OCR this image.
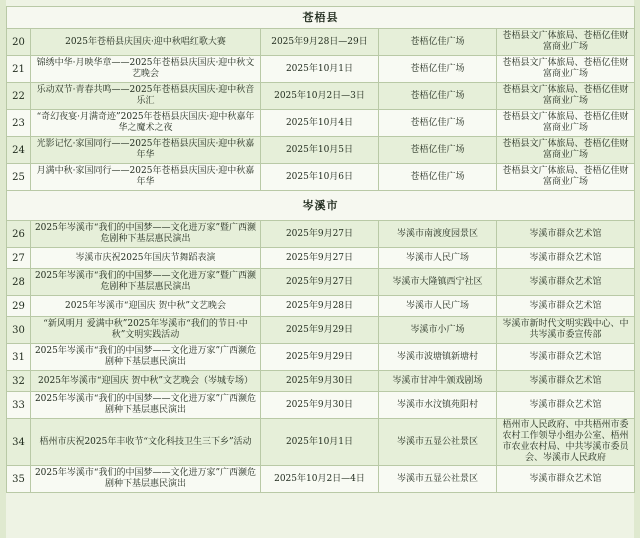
苍梧县				
20	2025年苍梧县庆国庆·迎中秋唱红歌大赛	2025年9月28日—29日	苍梧亿佳广场	苍梧县文广体旅局、苍梧亿佳财富商业广场
21	锦绣中华·月映华章——2025年苍梧县庆国庆·迎中秋文艺晚会	2025年10月1日	苍梧亿佳广场	苍梧县文广体旅局、苍梧亿佳财富商业广场
22	乐动双节·青春共鸣——2025年苍梧县庆国庆·迎中秋音乐汇	2025年10月2日—3日	苍梧亿佳广场	苍梧县文广体旅局、苍梧亿佳财富商业广场
23	“奇幻夜宴·月满奇迹”2025年苍梧县庆国庆·迎中秋嘉年华之魔术之夜	2025年10月4日	苍梧亿佳广场	苍梧县文广体旅局、苍梧亿佳财富商业广场
24	光影记忆·家国同行——2025年苍梧县庆国庆·迎中秋嘉年华	2025年10月5日	苍梧亿佳广场	苍梧县文广体旅局、苍梧亿佳财富商业广场
25	月满中秋·家国同行——2025年苍梧县庆国庆·迎中秋嘉年华	2025年10月6日	苍梧亿佳广场	苍梧县文广体旅局、苍梧亿佳财富商业广场
岑溪市				
26	2025年岑溪市“我们的中国梦——文化进万家”暨广西濒危剧种下基层惠民演出	2025年9月27日	岑溪市南渡度园景区	岑溪市群众艺术馆
27	岑溪市庆祝2025年国庆节舞蹈表演	2025年9月27日	岑溪市人民广场	岑溪市群众艺术馆
28	2025年岑溪市“我们的中国梦——文化进万家”暨广西濒危剧种下基层惠民演出	2025年9月27日	岑溪市大隆镇西宁社区	岑溪市群众艺术馆
29	2025年岑溪市“迎国庆 贺中秋”文艺晚会	2025年9月28日	岑溪市人民广场	岑溪市群众艺术馆
30	“新风明月 爱满中秋”2025年岑溪市“我们的节日·中秋”文明实践活动	2025年9月29日	岑溪市小广场	岑溪市新时代文明实践中心、中共岑溪市委宣传部
31	2025年岑溪市“我们的中国梦——文化进万家”广西濒危剧种下基层惠民演出	2025年9月29日	岑溪市波塘镇新塘村	岑溪市群众艺术馆
32	2025年岑溪市“迎国庆 贺中秋”文艺晚会（岑城专场）	2025年9月30日	岑溪市甘冲牛颁戏剧场	岑溪市群众艺术馆
33	2025年岑溪市“我们的中国梦——文化进万家”广西濒危剧种下基层惠民演出	2025年9月30日	岑溪市水汶镇苑阳村	岑溪市群众艺术馆
34	梧州市庆祝2025年丰收节“文化科技卫生三下乡”活动	2025年10月1日	岑溪市五显公社景区	梧州市人民政府、中共梧州市委农村工作领导小组办公室、梧州市农业农村局、中共岑溪市委员会、岑溪市人民政府
35	2025年岑溪市“我们的中国梦——文化进万家”广西濒危剧种下基层惠民演出	2025年10月2日—4日	岑溪市五显公社景区	岑溪市群众艺术馆
